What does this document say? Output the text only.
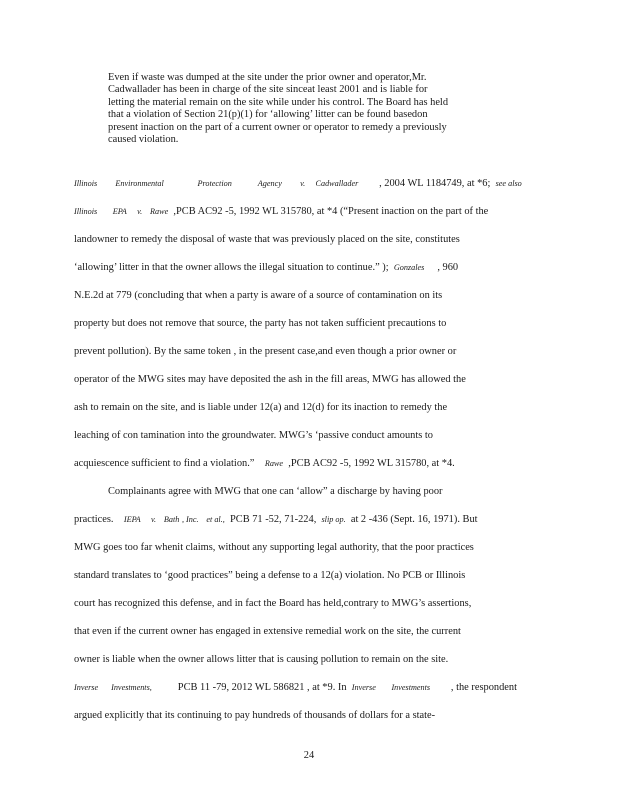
Even if waste was dumped at the site under the prior owner and operator,Mr.
Cadwallader has been in charge of the site sinceat least 2001 and is liable for
letting the material remain on the site while under his control. The Board has held
that a violation of Section 21(p)(1) for ‘allowing’ litter can be found basedon
present inaction on the part of a current owner or operator to remedy a previously
caused violation.
Illinois Environmental	Protection	Agency v. Cadwallader , 2004 WL 1184749, at *6; see also
Illinois EPA v. Rawe ,PCB AC92 -5, 1992 WL 315780, at *4 (“Present inaction on the part of the
landowner to remedy the disposal of waste that was previously placed on the site, constitutes
‘allowing’ litter in that the owner allows the illegal situation to continue.” ); Gonzales , 960
N.E.2d at 779 (concluding that when a party is aware of a source of contamination on its
property but does not remove that source, the party has not taken sufficient precautions to
prevent pollution). By the same token , in the present case,and even though a prior owner or
operator of the MWG sites may have deposited the ash in the fill areas, MWG has allowed the
ash to remain on the site, and is liable under 12(a) and 12(d) for its inaction to remedy the
leaching of con tamination into the groundwater. MWG’s ‘passive conduct amounts to
acquiescence sufficient to find a violation.” Rawe ,PCB AC92 -5, 1992 WL 315780, at *4.
Complainants agree with MWG that one can ‘allow” a discharge by having poor
practices. IEPA v. Bath , Inc. et al., PCB 71 -52, 71-224, slip op. at 2 -436 (Sept. 16, 1971). But
MWG goes too far whenit claims, without any supporting legal authority, that the poor practices
standard translates to ‘good practices” being a defense to a 12(a) violation. No PCB or Illinois
court has recognized this defense, and in fact the Board has held,contrary to MWG’s assertions,
that even if the current owner has engaged in extensive remedial work on the site, the current
owner is liable when the owner allows litter that is causing pollution to remain on the site.
Inverse Investments, PCB 11 -79, 2012 WL 586821 , at *9. In Inverse Investments , the respondent
argued explicitly that its continuing to pay hundreds of thousands of dollars for a state-
24
